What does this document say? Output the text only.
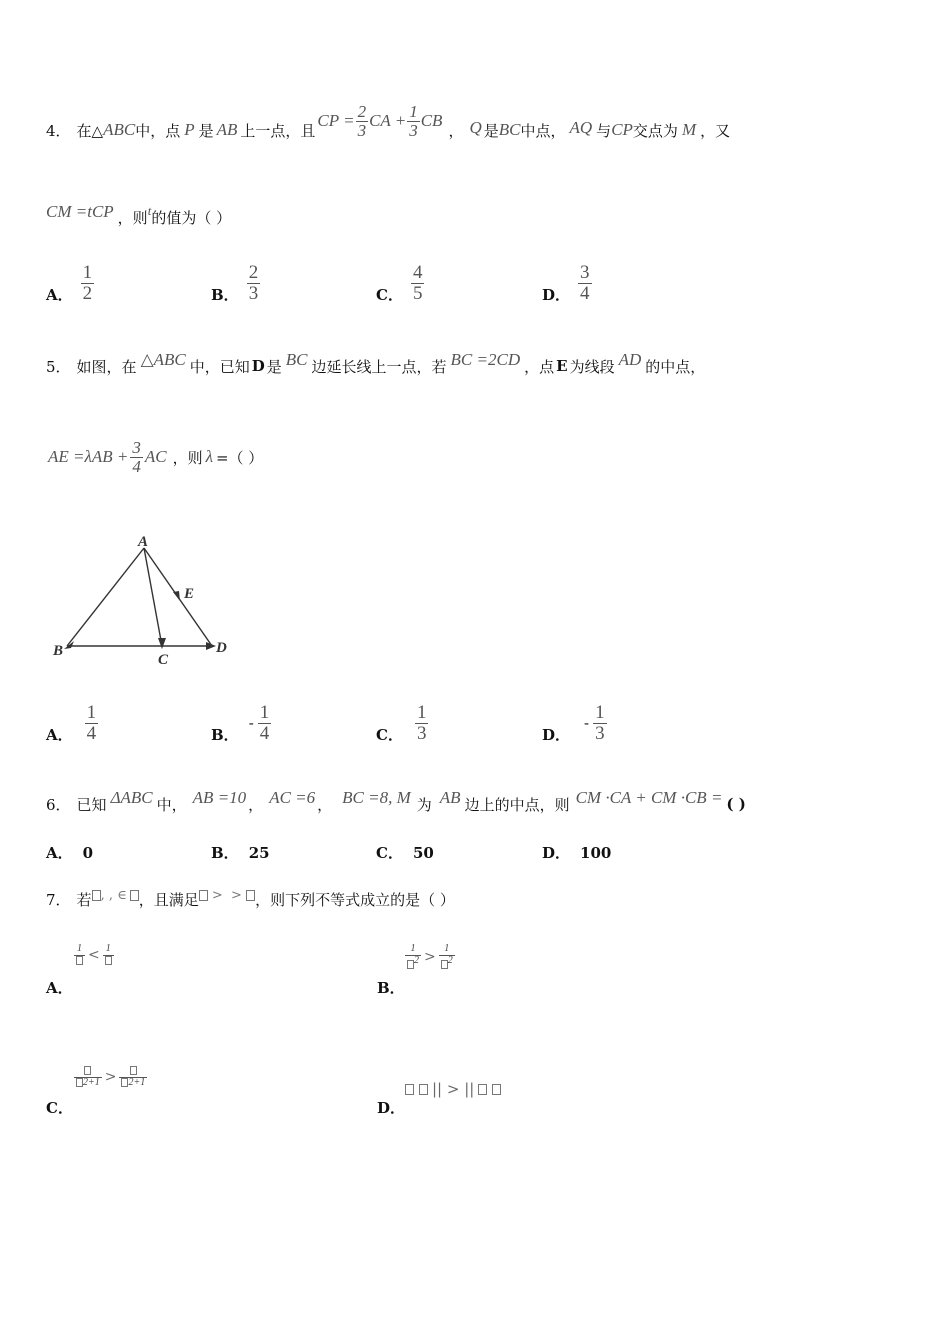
4． 在△ ABC 中，点 P 是 AB 上一点，且
CP = $\frac{2}{3}$ CA + $\frac{1}{3}$ CB
， Q 是 BC 中点， AQ 与 CP 交点为 M ，又
CM =tCP ，则 t 的值为（ ）
A． $\frac{1}{2}$	B． $\frac{2}{3}$	C． $\frac{4}{5}$	D． $\frac{3}{4}$
5． 如图，在 △ABC 中，已知 D 是 BC 边延长线上一点，若 BC =2CD ，点 E 为线段 AD 的中点，
AE $=\lambda AB + \frac{3}{4}$ AC ，则 λ =（ ）
A
E
B
C
D
A． $\frac{1}{4}$	B．
- $\frac{1}{4}$	C． $\frac{1}{3}$	D．
- $\frac{1}{3}$
6． 已知 ΔABC 中， AB =10 ， AC =6 ， BC =8, M 为 AB 边上的中点，则 CM ·CA + CM ·CB = ( )
A． 0	B． 25	C． 50	D． 100
7． 若 , , ∈ ，且满足 >  > ，则下列不等式成立的是（ ）
1 < 1
A．
$\frac{1}{^2} > \frac{1}{^2}$
B．
2+1 >	2+1
C．
|| > ||
D．
